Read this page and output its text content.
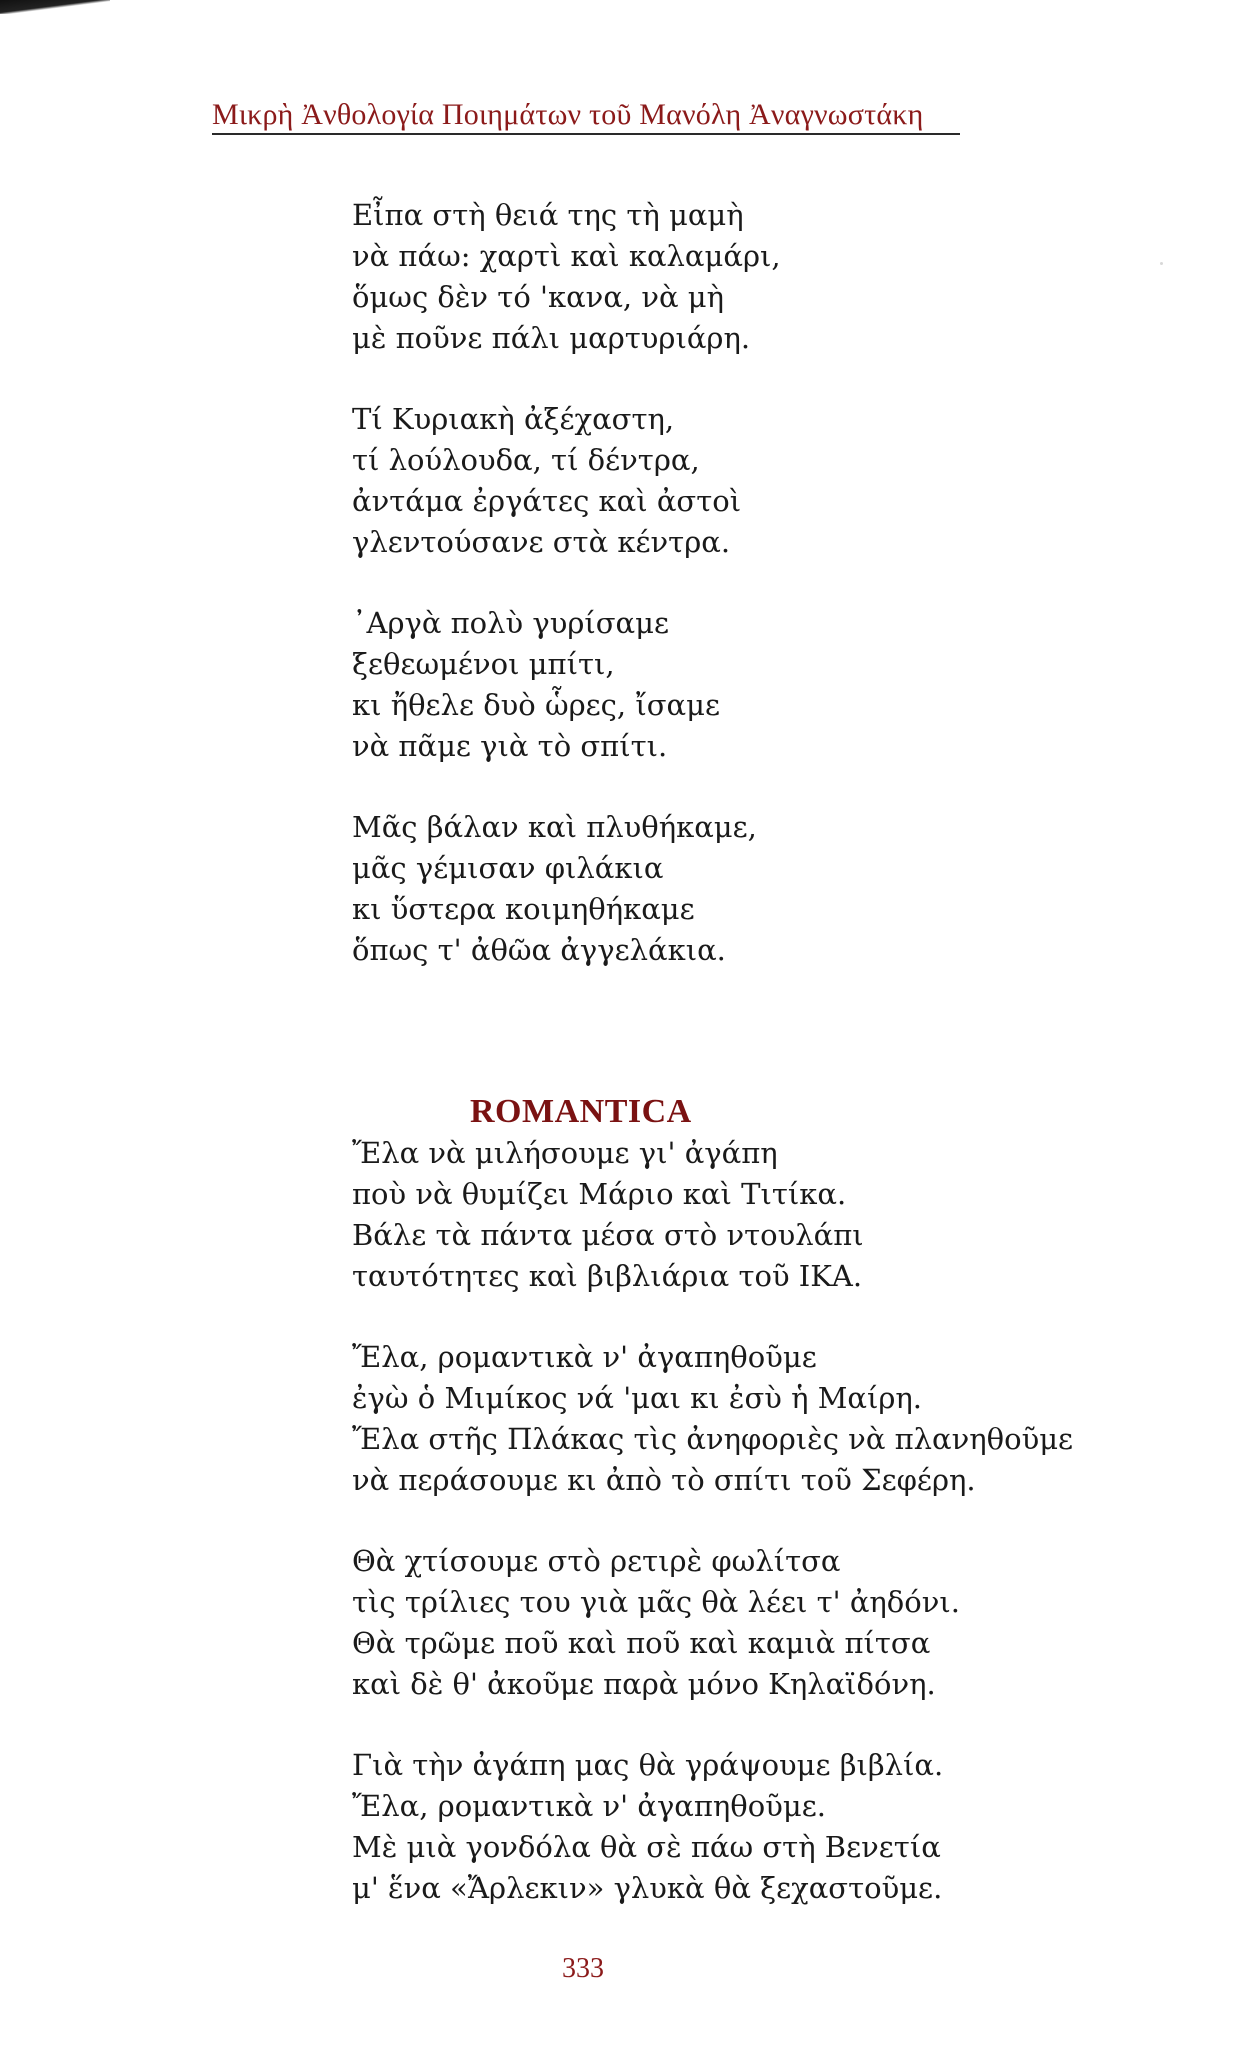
Μικρὴ Ἀνθολογία Ποιημάτων τοῦ Μανόλη Ἀναγνωστάκη
Εἶπα στὴ θειά της τὴ μαμὴ
νὰ πάω: χαρτὶ καὶ καλαμάρι,
ὅμως δὲν τό 'κανα, νὰ μὴ
μὲ ποῦνε πάλι μαρτυριάρη.
Τί Κυριακὴ ἀξέχαστη,
τί λούλουδα, τί δέντρα,
ἀντάμα ἐργάτες καὶ ἀστοὶ
γλεντούσανε στὰ κέντρα.
᾿Αργὰ πολὺ γυρίσαμε
ξεθεωμένοι μπίτι,
κι ἤθελε δυὸ ὧρες, ἴσαμε
νὰ πᾶμε γιὰ τὸ σπίτι.
Μᾶς βάλαν καὶ πλυθήκαμε,
μᾶς γέμισαν φιλάκια
κι ὕστερα κοιμηθήκαμε
ὅπως τ' ἀθῶα ἀγγελάκια.
ROMANTICA
Ἔλα νὰ μιλήσουμε γι' ἀγάπη
ποὺ νὰ θυμίζει Μάριο καὶ Τιτίκα.
Βάλε τὰ πάντα μέσα στὸ ντουλάπι
ταυτότητες καὶ βιβλιάρια τοῦ ΙΚΑ.
Ἔλα, ρομαντικὰ ν' ἀγαπηθοῦμε
ἐγὼ ὁ Μιμίκος νά 'μαι κι ἐσὺ ἡ Μαίρη.
Ἔλα στῆς Πλάκας τὶς ἀνηφοριὲς νὰ πλανηθοῦμε
νὰ περάσουμε κι ἀπὸ τὸ σπίτι τοῦ Σεφέρη.
Θὰ χτίσουμε στὸ ρετιρὲ φωλίτσα
τὶς τρίλιες του γιὰ μᾶς θὰ λέει τ' ἀηδόνι.
Θὰ τρῶμε ποῦ καὶ ποῦ καὶ καμιὰ πίτσα
καὶ δὲ θ' ἀκοῦμε παρὰ μόνο Κηλαϊδόνη.
Γιὰ τὴν ἀγάπη μας θὰ γράψουμε βιβλία.
Ἔλα, ρομαντικὰ ν' ἀγαπηθοῦμε.
Μὲ μιὰ γονδόλα θὰ σὲ πάω στὴ Βενετία
μ' ἕνα «Ἄρλεκιν» γλυκὰ θὰ ξεχαστοῦμε.
333
